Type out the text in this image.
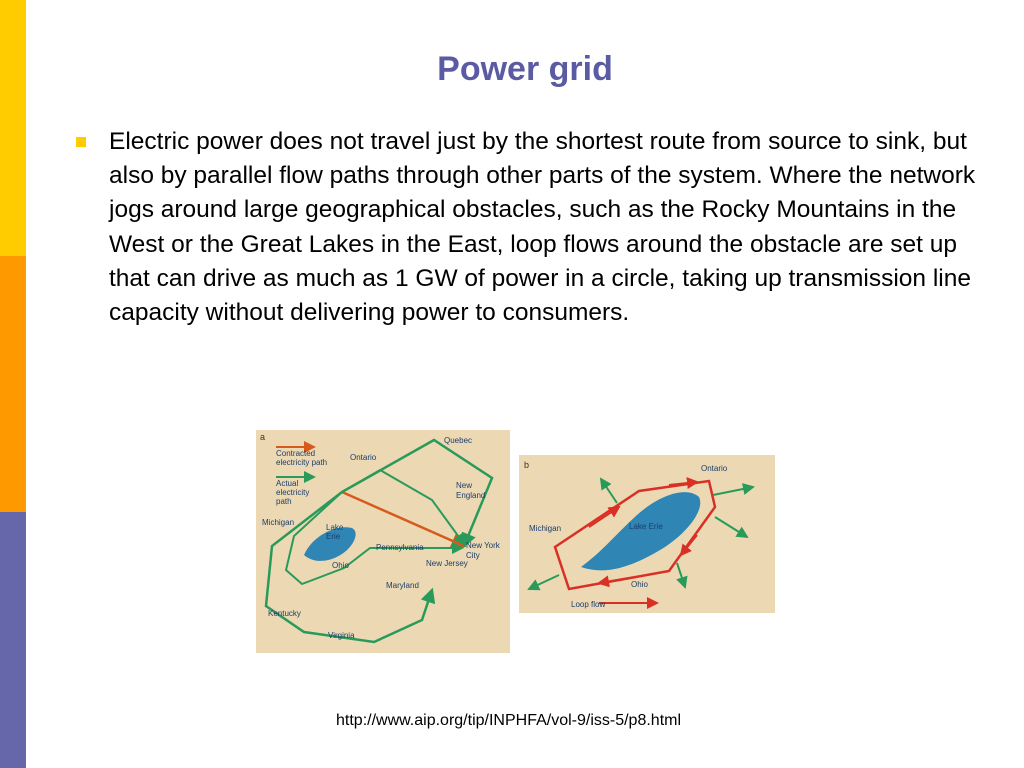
Power grid
Electric power does not travel just by the shortest route from source to sink, but also by parallel flow paths through other parts of the system. Where the network jogs around large geographical obstacles, such as the Rocky Mountains in the West or the Great Lakes in the East, loop flows around the obstacle are set up that can drive as much as 1 GW of power in a circle, taking up transmission line capacity without delivering power to consumers.
a
Contracted
electricity path
Actual
electricity
path
Quebec
Ontario
New
England
Michigan
Lake
Erie
Pennsylvania	New York
City
Ohio	New Jersey
Maryland
Kentucky
Virginia
b	Ontario
Michigan	Lake Erie
Ohio
Loop flow
http://www.aip.org/tip/INPHFA/vol-9/iss-5/p8.html
